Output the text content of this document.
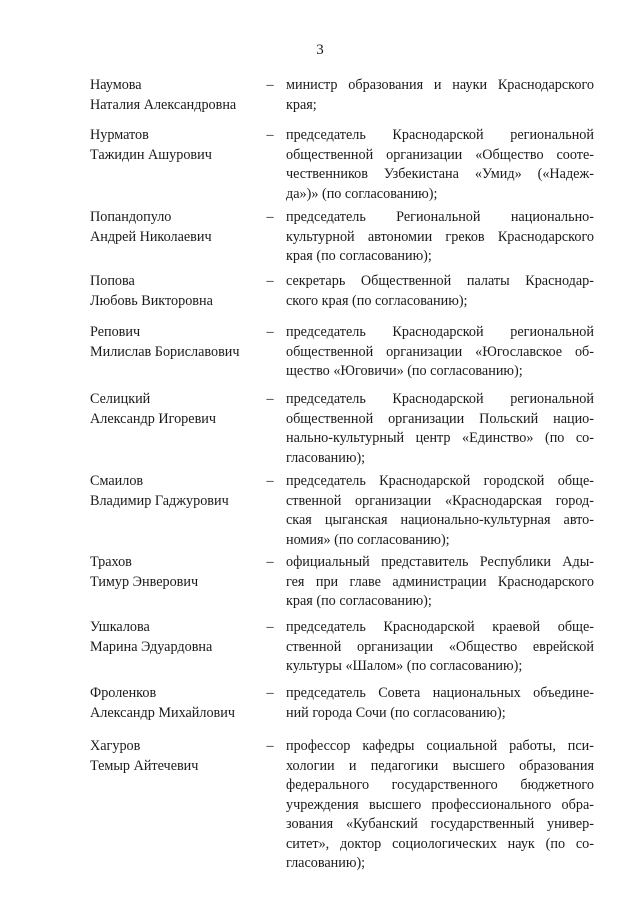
3
Наумова
Наталия Александровна
– министр образования и науки Краснодарского
края;
Нурматов
Тажидин Ашурович
– председатель Краснодарской региональной
общественной организации «Общество соотe-
чественников Узбекистана «Умид» («Надеж-
да»)» (по согласованию);
Попандопуло
Андрей Николаевич
– председатель Региональной национально-
культурной автономии греков Краснодарского
края (по согласованию);
Попова
Любовь Викторовна
– секретарь Общественной палаты Краснодар-
ского края (по согласованию);
Репович
Милислав Бориславович
– председатель Краснодарской региональной
общественной организации «Югославское об-
щество «Юговичи» (по согласованию);
Селицкий
Александр Игоревич
– председатель Краснодарской региональной
общественной организации Польский нацио-
нально-культурный центр «Единство» (по со-
гласованию);
Смаилов
Владимир Гаджурович
– председатель Краснодарской городской обще-
ственной организации «Краснодарская город-
ская цыганская национально-культурная авто-
номия» (по согласованию);
Трахов
Тимур Энверович
– официальный представитель Республики Ады-
гея при главе администрации Краснодарского
края (по согласованию);
Ушкалова
Марина Эдуардовна
– председатель Краснодарской краевой обще-
ственной организации «Общество еврейской
культуры «Шалом» (по согласованию);
Фроленков
Александр Михайлович
– председатель Совета национальных объедине-
ний города Сочи (по согласованию);
Хагуров
Темыр Айтечевич
– профессор кафедры социальной работы, пси-
хологии и педагогики высшего образования
федерального государственного бюджетного
учреждения высшего профессионального обра-
зования «Кубанский государственный универ-
ситет», доктор социологических наук (по со-
гласованию);
